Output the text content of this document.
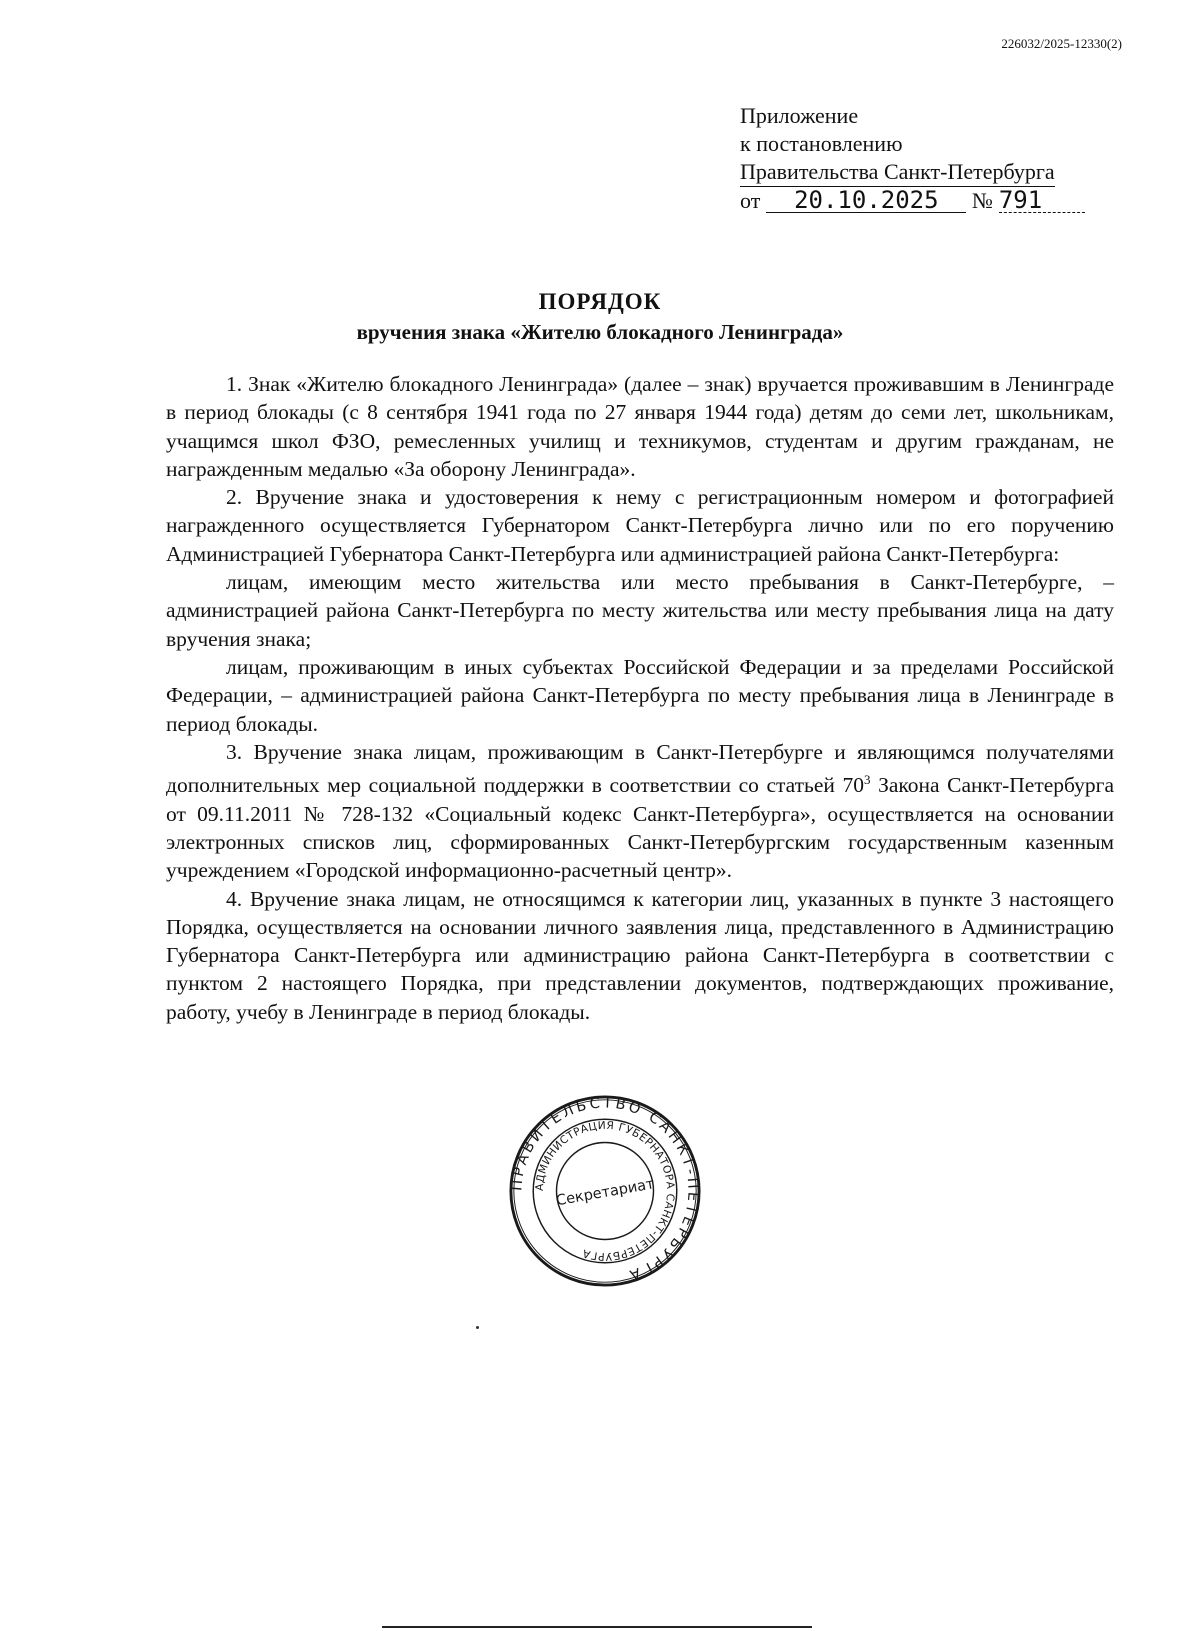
226032/2025-12330(2)
Приложение
к постановлению
Правительства Санкт-Петербурга
от 20.10.2025 № 791
ПОРЯДОК
вручения знака «Жителю блокадного Ленинграда»

1. Знак «Жителю блокадного Ленинграда» (далее – знак) вручается проживавшим в Ленинграде в период блокады (с 8 сентября 1941 года по 27 января 1944 года) детям до семи лет, школьникам, учащимся школ ФЗО, ремесленных училищ и техникумов, студентам и другим гражданам, не награжденным медалью «За оборону Ленинграда».

2. Вручение знака и удостоверения к нему с регистрационным номером и фотографией награжденного осуществляется Губернатором Санкт-Петербурга лично или по его поручению Администрацией Губернатора Санкт-Петербурга или администрацией района Санкт-Петербурга:

лицам, имеющим место жительства или место пребывания в Санкт-Петербурге, – администрацией района Санкт-Петербурга по месту жительства или месту пребывания лица на дату вручения знака;

лицам, проживающим в иных субъектах Российской Федерации и за пределами Российской Федерации, – администрацией района Санкт-Петербурга по месту пребывания лица в Ленинграде в период блокады.

3. Вручение знака лицам, проживающим в Санкт-Петербурге и являющимся получателями дополнительных мер социальной поддержки в соответствии со статьей $70^3$ Закона Санкт-Петербурга от 09.11.2011 № 728-132 «Социальный кодекс Санкт-Петербурга», осуществляется на основании электронных списков лиц, сформированных Санкт-Петербургским государственным казенным учреждением «Городской информационно-расчетный центр».

4. Вручение знака лицам, не относящимся к категории лиц, указанных в пункте 3 настоящего Порядка, осуществляется на основании личного заявления лица, представленного в Администрацию Губернатора Санкт-Петербурга или администрацию района Санкт-Петербурга в соответствии с пунктом 2 настоящего Порядка, при представлении документов, подтверждающих проживание, работу, учебу в Ленинграде в период блокады.

ПРАВИТЕЛЬСТВО САНКТ-ПЕТЕРБУРГА
АДМИНИСТРАЦИЯ ГУБЕРНАТОРА САНКТ-ПЕТЕРБУРГА
Секретариат
